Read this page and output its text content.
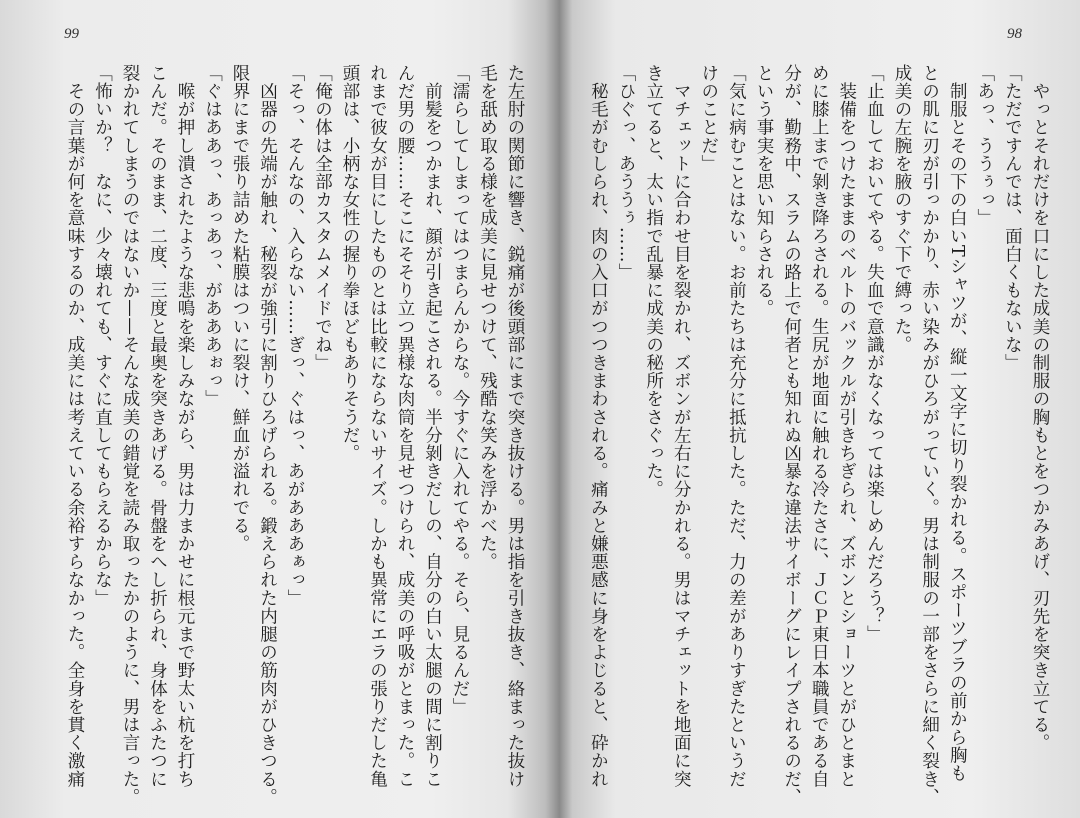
99
た左肘の関節に響き、鋭痛が後頭部にまで突き抜ける。男は指を引き抜き、絡まった抜け
毛を舐め取る様を成美に見せつけて、残酷な笑みを浮かべた。
「濡らしてしまってはつまらんからな。今すぐに入れてやる。そら、見るんだ」
　前髪をつかまれ、顔が引き起こされる。半分剝きだしの、自分の白い太腿の間に割りこ
んだ男の腰……そこにそそり立つ異様な肉筒を見せつけられ、成美の呼吸がとまった。こ
れまで彼女が目にしたものとは比較にならないサイズ。しかも異常にエラの張りだした亀
頭部は、小柄な女性の握り拳ほどもありそうだ。
「俺の体は全部カスタムメイドでね」
「そっ、そんなの、入らない……ぎっ、ぐはっ、あがあああぁっ」
　凶器の先端が触れ、秘裂が強引に割りひろげられる。鍛えられた内腿の筋肉がひきつる。
限界にまで張り詰めた粘膜はついに裂け、鮮血が溢れでる。
「ぐはああっ、あっあっ、があああぉっ」
　喉が押し潰されたような悲鳴を楽しみながら、男は力まかせに根元まで野太い杭を打ち
こんだ。そのまま、二度、三度と最奥を突きあげる。骨盤をへし折られ、身体をふたつに
裂かれてしまうのではないか——そんな成美の錯覚を読み取ったかのように、男は言った。
「怖いか？　なに、少々壊れても、すぐに直してもらえるからな」
　その言葉が何を意味するのか、成美には考えている余裕すらなかった。全身を貫く激痛
98
　やっとそれだけを口にした成美の制服の胸もとをつかみあげ、刃先を突き立てる。
「ただですんでは、面白くもないな」
「あっ、ううぅっ」
　制服とその下の白いTシャツが、縦一文字に切り裂かれる。スポーツブラの前から胸も
との肌に刃が引っかかり、赤い染みがひろがっていく。男は制服の一部をさらに細く裂き、
成美の左腕を腋のすぐ下で縛った。
「止血しておいてやる。失血で意識がなくなっては楽しめんだろう？」
　装備をつけたままのベルトのバックルが引きちぎられ、ズボンとショーツとがひとまと
めに膝上まで剝き降ろされる。生尻が地面に触れる冷たさに、ＪＣＰ東日本職員である自
分が、勤務中、スラムの路上で何者とも知れぬ凶暴な違法サイボーグにレイプされるのだ、
という事実を思い知らされる。
「気に病むことはない。お前たちは充分に抵抗した。ただ、力の差がありすぎたというだ
けのことだ」
　マチェットに合わせ目を裂かれ、ズボンが左右に分かれる。男はマチェットを地面に突
き立てると、太い指で乱暴に成美の秘所をさぐった。
「ひぐっ、あううぅ……」
　秘毛がむしられ、肉の入口がつつきまわされる。痛みと嫌悪感に身をよじると、砕かれ
